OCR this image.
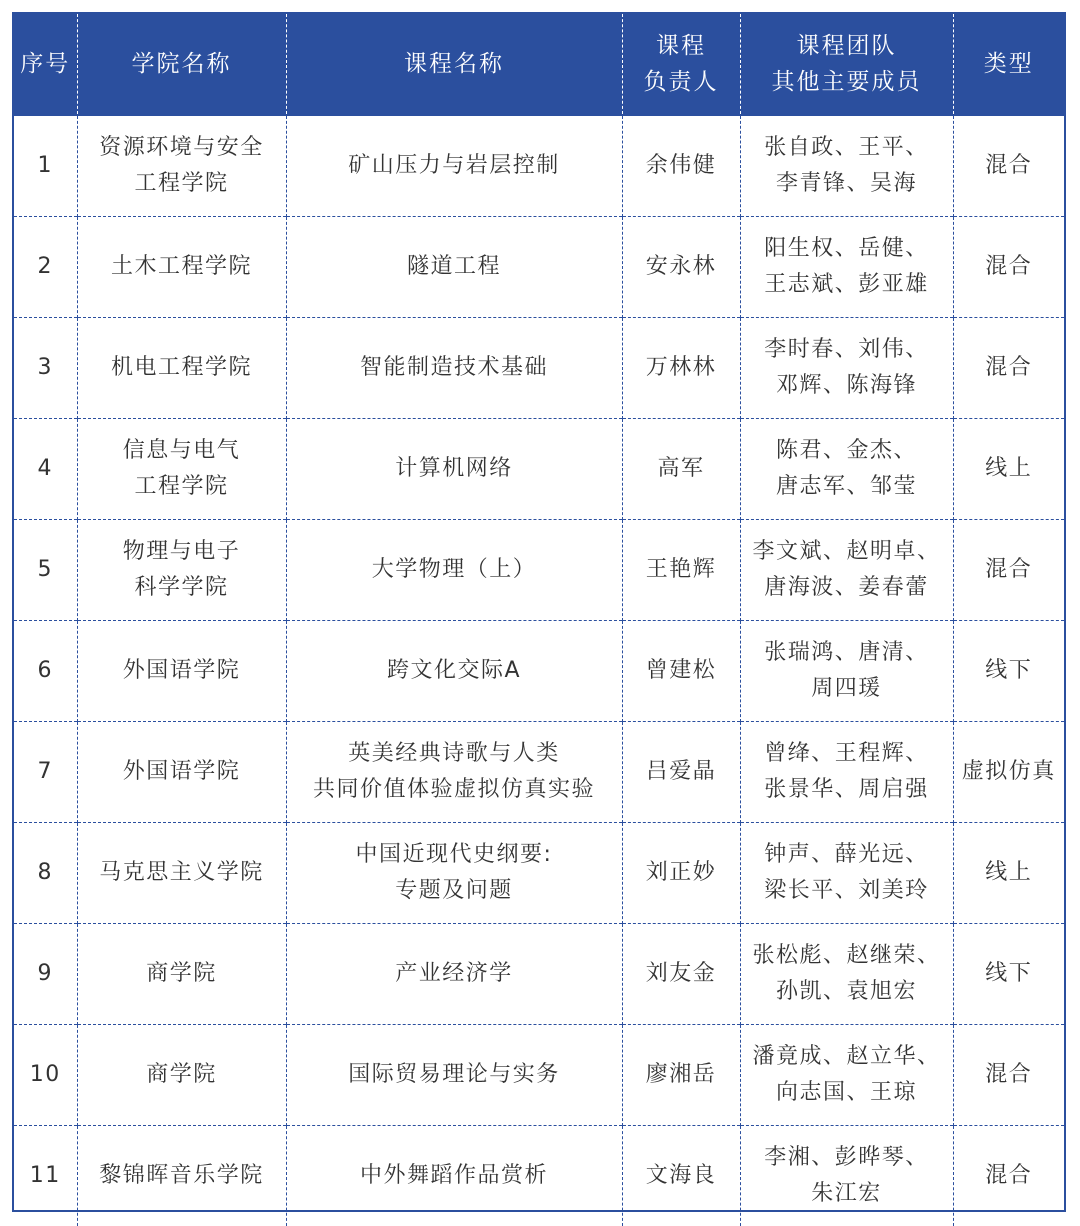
序号	学院名称	课程名称	课程
负责人	课程团队
其他主要成员	类型

1	资源环境与安全
工程学院	矿山压力与岩层控制	余伟健	张自政、王平、
李青锋、吴海	混合

2	土木工程学院	隧道工程	安永林	阳生权、岳健、
王志斌、彭亚雄	混合

3	机电工程学院	智能制造技术基础	万林林	李时春、刘伟、
邓辉、陈海锋	混合

4	信息与电气
工程学院	计算机网络	高军	陈君、金杰、
唐志军、邹莹	线上

5	物理与电子
科学学院	大学物理（上）	王艳辉	李文斌、赵明卓、
唐海波、姜春蕾	混合

6	外国语学院	跨文化交际A	曾建松	张瑞鸿、唐清、
周四瑗	线下

7	外国语学院	英美经典诗歌与人类
共同价值体验虚拟仿真实验	吕爱晶	曾绛、王程辉、
张景华、周启强	虚拟仿真

8	马克思主义学院	中国近现代史纲要:
专题及问题	刘正妙	钟声、薛光远、
梁长平、刘美玲	线上

9	商学院	产业经济学	刘友金	张松彪、赵继荣、
孙凯、袁旭宏	线下

10	商学院	国际贸易理论与实务	廖湘岳	潘竟成、赵立华、
向志国、王琼	混合

11	黎锦晖音乐学院	中外舞蹈作品赏析	文海良	李湘、彭晔琴、
朱江宏	混合
